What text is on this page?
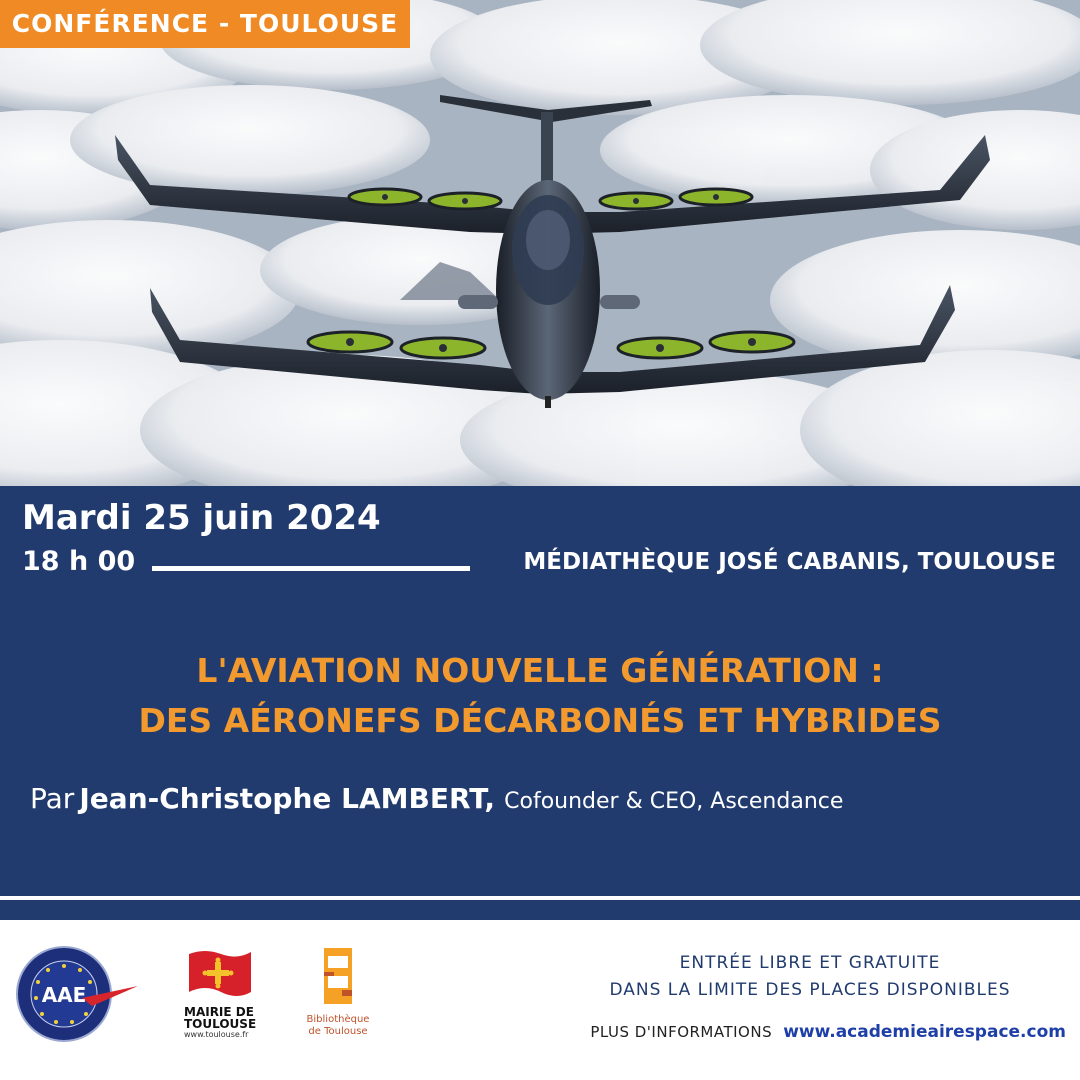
CONFÉRENCE - TOULOUSE
Mardi 25 juin 2024
18 h 00	MÉDIATHÈQUE JOSÉ CABANIS, TOULOUSE
L'AVIATION NOUVELLE GÉNÉRATION :
DES AÉRONEFS DÉCARBONÉS ET HYBRIDES
Par Jean-Christophe LAMBERT, Cofounder & CEO, Ascendance
AAE
MAIRIE DE
TOULOUSE
www.toulouse.fr
Bibliothèque
de Toulouse
ENTRÉE LIBRE ET GRATUITE
DANS LA LIMITE DES PLACES DISPONIBLES
PLUS D'INFORMATIONS www.academieairespace.com
